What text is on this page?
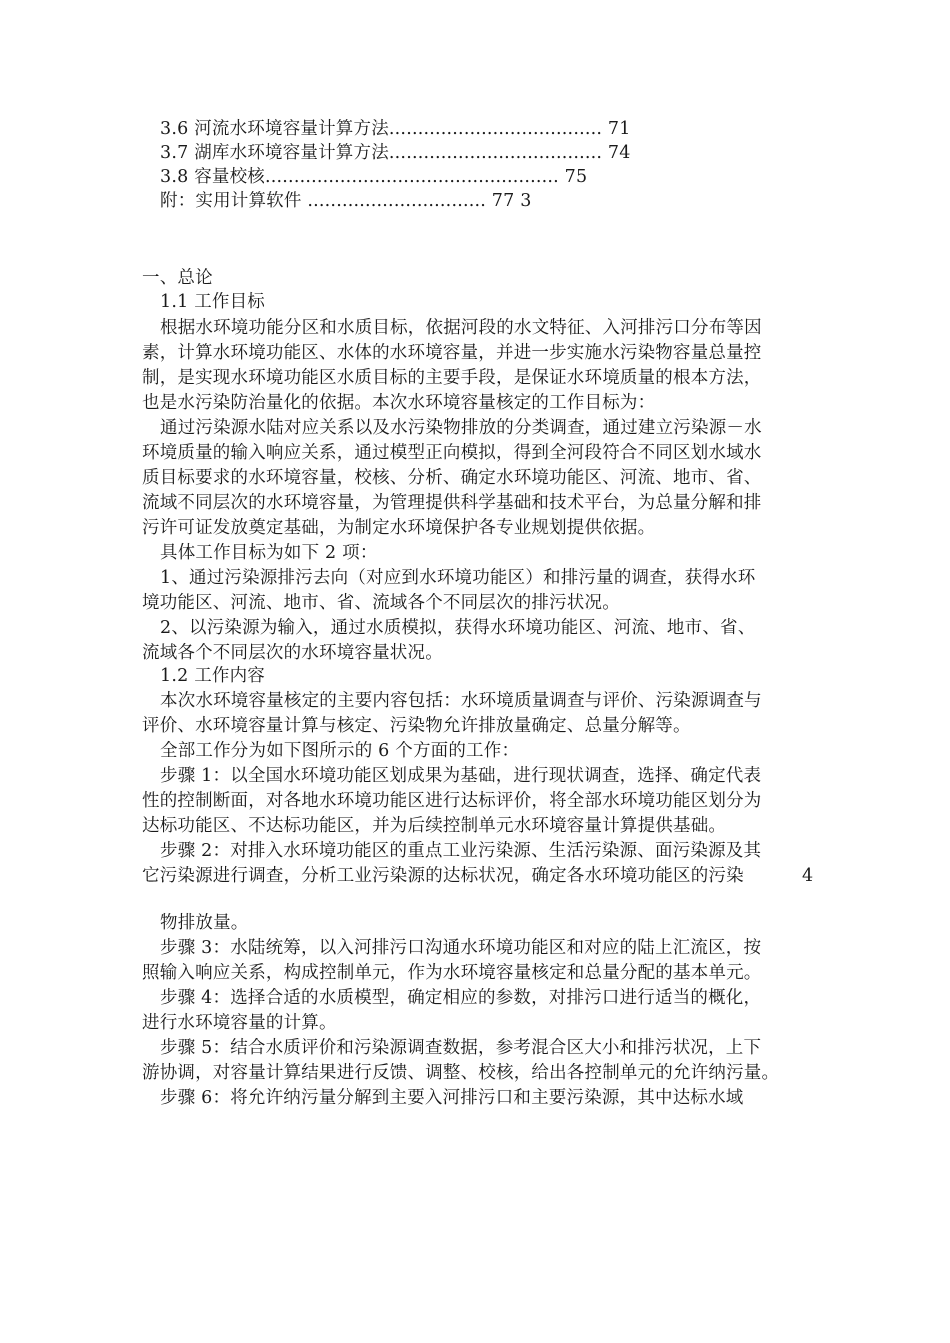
3.6 河流水环境容量计算方法..................................... 71
3.7 湖库水环境容量计算方法..................................... 74
3.8 容量校核................................................... 75
附：实用计算软件 ............................... 77 3
一、总论
1.1 工作目标
根据水环境功能分区和水质目标，依据河段的水文特征、入河排污口分布等因
素，计算水环境功能区、水体的水环境容量，并进一步实施水污染物容量总量控
制，是实现水环境功能区水质目标的主要手段，是保证水环境质量的根本方法，
也是水污染防治量化的依据。本次水环境容量核定的工作目标为：
通过污染源水陆对应关系以及水污染物排放的分类调查，通过建立污染源－水
环境质量的输入响应关系，通过模型正向模拟，得到全河段符合不同区划水域水
质目标要求的水环境容量，校核、分析、确定水环境功能区、河流、地市、省、
流域不同层次的水环境容量，为管理提供科学基础和技术平台，为总量分解和排
污许可证发放奠定基础，为制定水环境保护各专业规划提供依据。
具体工作目标为如下 2 项：
1、通过污染源排污去向（对应到水环境功能区）和排污量的调查，获得水环
境功能区、河流、地市、省、流域各个不同层次的排污状况。
2、以污染源为输入，通过水质模拟，获得水环境功能区、河流、地市、省、
流域各个不同层次的水环境容量状况。
1.2 工作内容
本次水环境容量核定的主要内容包括：水环境质量调查与评价、污染源调查与
评价、水环境容量计算与核定、污染物允许排放量确定、总量分解等。
全部工作分为如下图所示的 6 个方面的工作：
步骤 1：以全国水环境功能区划成果为基础，进行现状调查，选择、确定代表
性的控制断面，对各地水环境功能区进行达标评价，将全部水环境功能区划分为
达标功能区、不达标功能区，并为后续控制单元水环境容量计算提供基础。
步骤 2：对排入水环境功能区的重点工业污染源、生活污染源、面污染源及其
它污染源进行调查，分析工业污染源的达标状况，确定各水环境功能区的污染	4
物排放量。
步骤 3：水陆统筹，以入河排污口沟通水环境功能区和对应的陆上汇流区，按
照输入响应关系，构成控制单元，作为水环境容量核定和总量分配的基本单元。
步骤 4：选择合适的水质模型，确定相应的参数，对排污口进行适当的概化，
进行水环境容量的计算。
步骤 5：结合水质评价和污染源调查数据，参考混合区大小和排污状况，上下
游协调，对容量计算结果进行反馈、调整、校核，给出各控制单元的允许纳污量。
步骤 6：将允许纳污量分解到主要入河排污口和主要污染源，其中达标水域
